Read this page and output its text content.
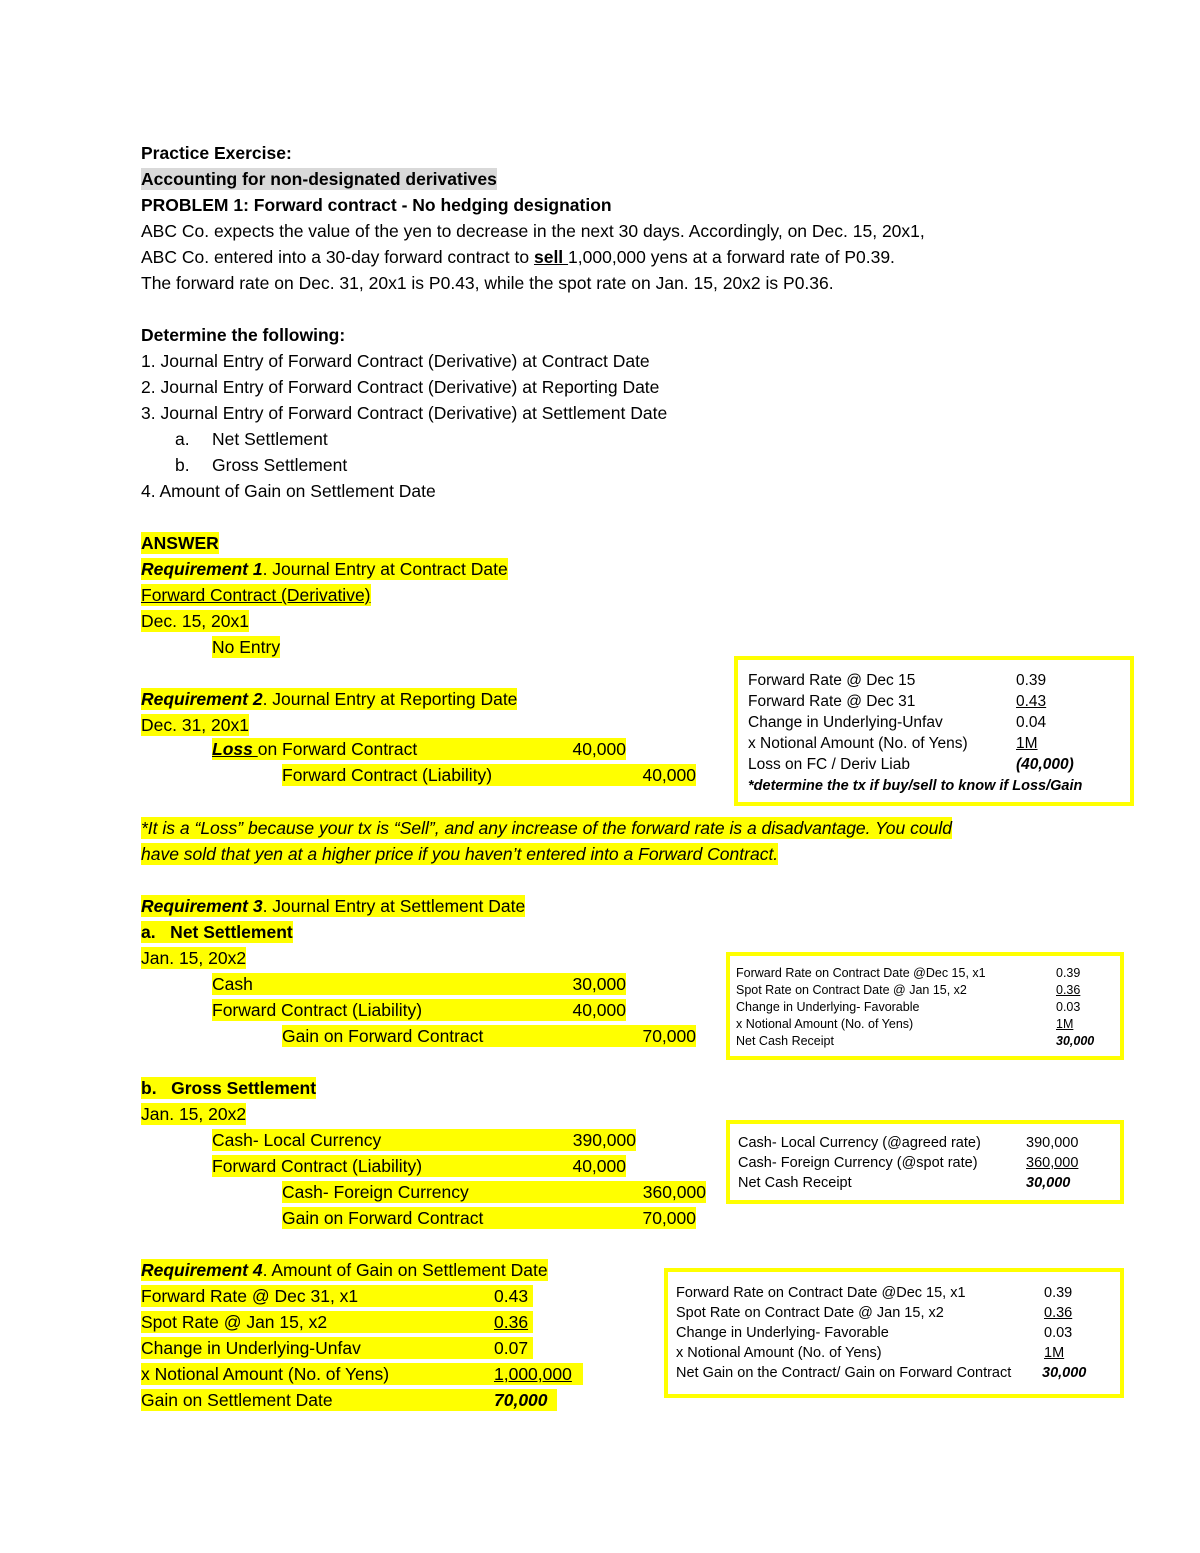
Practice Exercise:
Accounting for non-designated derivatives
PROBLEM 1: Forward contract - No hedging designation
ABC Co. expects the value of the yen to decrease in the next 30 days. Accordingly, on Dec. 15, 20x1,
ABC Co. entered into a 30-day forward contract to sell 1,000,000 yens at a forward rate of P0.39.
The forward rate on Dec. 31, 20x1 is P0.43, while the spot rate on Jan. 15, 20x2 is P0.36.
Determine the following:
1. Journal Entry of Forward Contract (Derivative) at Contract Date
2. Journal Entry of Forward Contract (Derivative) at Reporting Date
3. Journal Entry of Forward Contract (Derivative) at Settlement Date
a. Net Settlement
b. Gross Settlement
4. Amount of Gain on Settlement Date
ANSWER
Requirement 1. Journal Entry at Contract Date
Forward Contract (Derivative)
Dec. 15, 20x1
No Entry
Requirement 2. Journal Entry at Reporting Date
Dec. 31, 20x1
Loss on Forward Contract	40,000
Forward Contract (Liability)	40,000
*It is a “Loss” because your tx is “Sell”, and any increase of the forward rate is a disadvantage. You could
have sold that yen at a higher price if you haven’t entered into a Forward Contract.
Requirement 3. Journal Entry at Settlement Date
a.   Net Settlement
Jan. 15, 20x2
Cash	30,000
Forward Contract (Liability)	40,000
Gain on Forward Contract	70,000
b.   Gross Settlement
Jan. 15, 20x2
Cash- Local Currency	390,000
Forward Contract (Liability)	40,000
Cash- Foreign Currency	360,000
Gain on Forward Contract	70,000
Requirement 4. Amount of Gain on Settlement Date
Forward Rate @ Dec 31, x1	0.43
Spot Rate @ Jan 15, x2	0.36
Change in Underlying-Unfav	0.07
x Notional Amount (No. of Yens)	1,000,000
Gain on Settlement Date	70,000
Forward Rate @ Dec 15	0.39
Forward Rate @ Dec 31	0.43
Change in Underlying-Unfav	0.04
x Notional Amount (No. of Yens)	1M
Loss on FC / Deriv Liab	(40,000)
*determine the tx if buy/sell to know if Loss/Gain
Forward Rate on Contract Date @Dec 15, x1	0.39
Spot Rate on Contract Date @ Jan 15, x2	0.36
Change in Underlying- Favorable	0.03
x Notional Amount (No. of Yens)	1M
Net Cash Receipt	30,000
Cash- Local Currency (@agreed rate)	390,000
Cash- Foreign Currency (@spot rate)	360,000
Net Cash Receipt	30,000
Forward Rate on Contract Date @Dec 15, x1	0.39
Spot Rate on Contract Date @ Jan 15, x2	0.36
Change in Underlying- Favorable	0.03
x Notional Amount (No. of Yens)	1M
Net Gain on the Contract/ Gain on Forward Contract 30,000
